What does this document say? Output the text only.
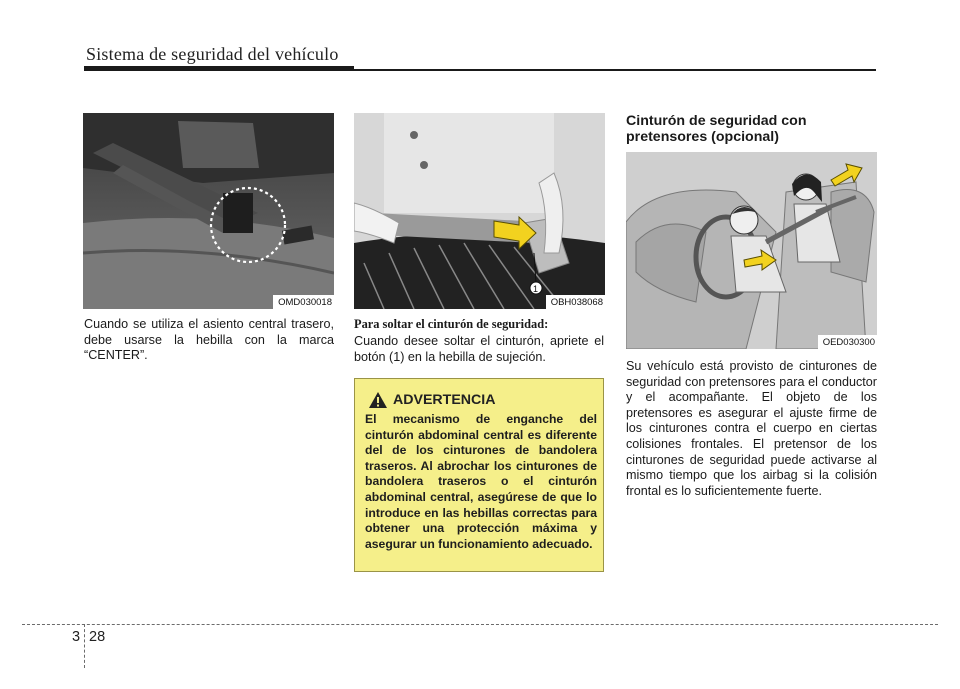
Sistema de seguridad del vehículo
OMD030018
Cuando se utiliza el asiento central trasero, debe usarse la hebilla con la marca “CENTER”.
1
OBH038068
Para soltar el cinturón de seguridad:
Cuando desee soltar el cinturón, apriete el botón (1) en la hebilla de sujeción.
ADVERTENCIA
El mecanismo de enganche del cinturón abdominal central es diferente del de los cinturones de bandolera traseros. Al abrochar los cinturones de bandolera traseros o el cinturón abdominal central, asegúrese de que lo introduce en las hebillas correctas para obtener una protección máxima y asegurar un funcionamiento adecuado.
Cinturón de seguridad con pretensores (opcional)
OED030300
Su vehículo está provisto de cinturones de seguridad con pretensores para el conductor y el acompañante. El objeto de los pretensores es asegurar el ajuste firme de los cinturones contra el cuerpo en ciertas colisiones frontales. El pretensor de los cinturones de seguridad puede activarse al mismo tiempo que los airbag si la colisión frontal es lo suficientemente fuerte.
3 28
